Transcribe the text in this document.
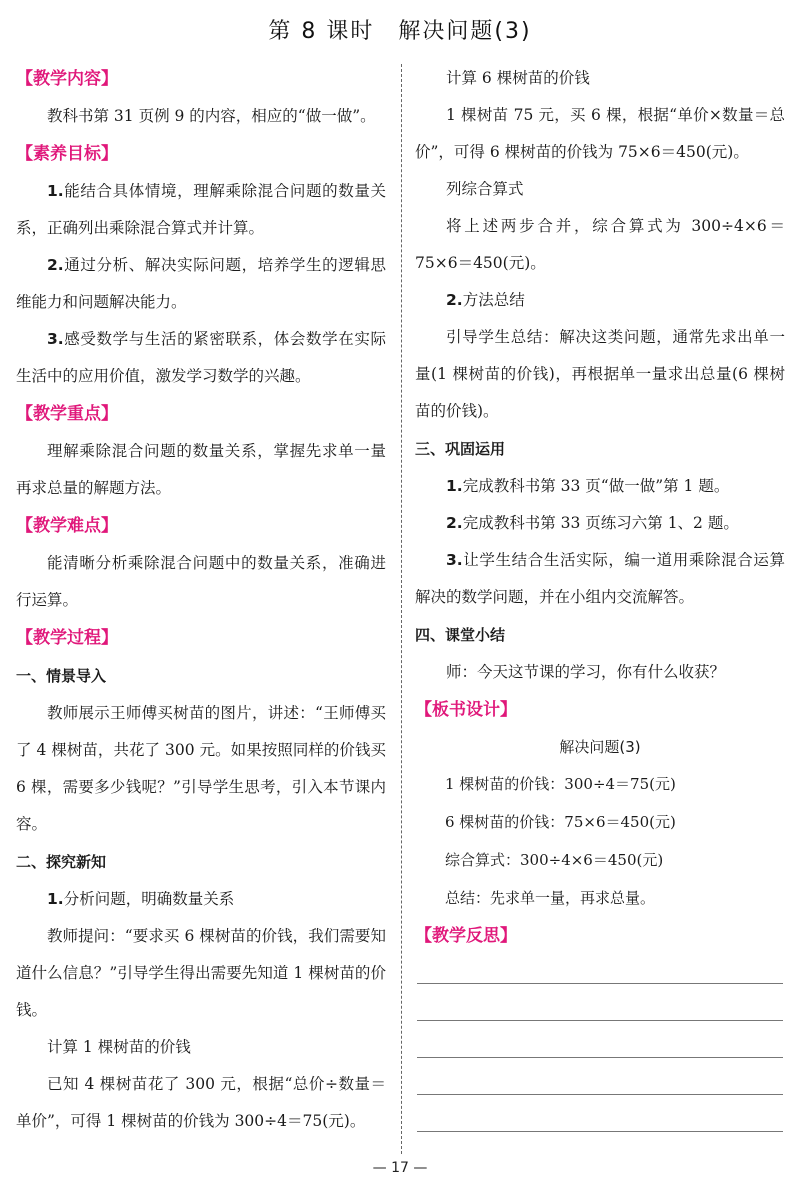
第 8 课时　解决问题(3)
【教学内容】

教科书第 31 页例 9 的内容，相应的“做一做”。

【素养目标】

1.能结合具体情境，理解乘除混合问题的数量关系，正确列出乘除混合算式并计算。

2.通过分析、解决实际问题，培养学生的逻辑思维能力和问题解决能力。

3.感受数学与生活的紧密联系，体会数学在实际生活中的应用价值，激发学习数学的兴趣。

【教学重点】

理解乘除混合问题的数量关系，掌握先求单一量再求总量的解题方法。

【教学难点】

能清晰分析乘除混合问题中的数量关系，准确进行运算。

【教学过程】

一、情景导入

教师展示王师傅买树苗的图片，讲述：“王师傅买了 4 棵树苗，共花了 300 元。如果按照同样的价钱买 6 棵，需要多少钱呢？”引导学生思考，引入本节课内容。

二、探究新知

1.分析问题，明确数量关系

教师提问：“要求买 6 棵树苗的价钱，我们需要知道什么信息？”引导学生得出需要先知道 1 棵树苗的价钱。

计算 1 棵树苗的价钱

已知 4 棵树苗花了 300 元，根据“总价÷数量＝单价”，可得 1 棵树苗的价钱为 300÷4＝75(元)。

计算 6 棵树苗的价钱

1 棵树苗 75 元，买 6 棵，根据“单价×数量＝总价”，可得 6 棵树苗的价钱为 75×6＝450(元)。

列综合算式

将上述两步合并，综合算式为 300÷4×6＝75×6＝450(元)。

2.方法总结

引导学生总结：解决这类问题，通常先求出单一量(1 棵树苗的价钱)，再根据单一量求出总量(6 棵树苗的价钱)。

三、巩固运用

1.完成教科书第 33 页“做一做”第 1 题。

2.完成教科书第 33 页练习六第 1、2 题。

3.让学生结合生活实际，编一道用乘除混合运算解决的数学问题，并在小组内交流解答。

四、课堂小结

师：今天这节课的学习，你有什么收获？

【板书设计】

解决问题(3)

1 棵树苗的价钱：300÷4＝75(元)

6 棵树苗的价钱：75×6＝450(元)

综合算式：300÷4×6＝450(元)

总结：先求单一量，再求总量。

【教学反思】
— 17 —
